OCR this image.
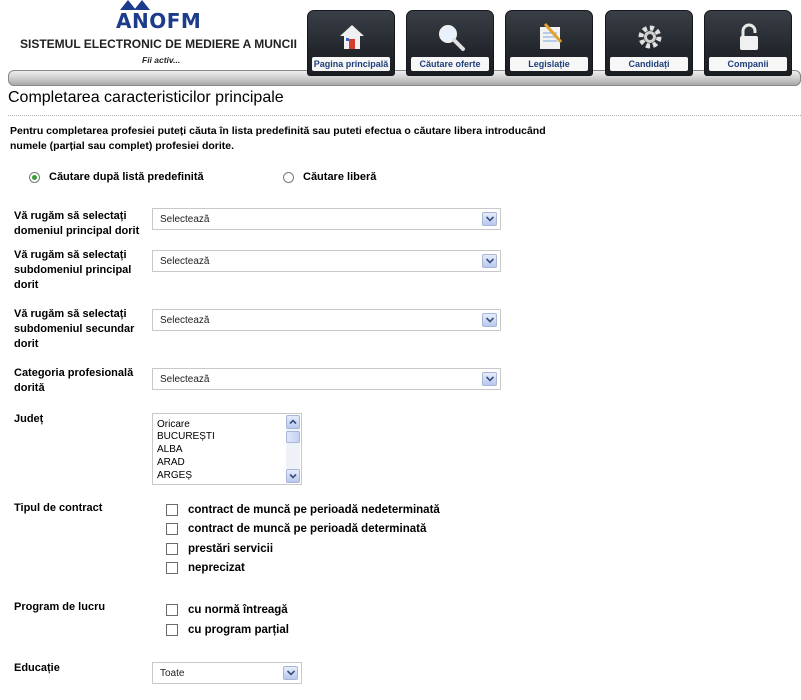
ANOFM
SISTEMUL ELECTRONIC DE MEDIERE A MUNCII
Fii activ...	Pagina principală	Căutare oferte	Legislație	Candidați	Companii
Completarea caracteristicilor principale
Pentru completarea profesiei puteți căuta în lista predefinită sau puteti efectua o căutare libera introducând numele (parțial sau complet) profesiei dorite.
Căutare după listă predefinită	Căutare liberă
Vă rugăm să selectați domeniul principal dorit
Selectează
Vă rugăm să selectați subdomeniul principal dorit
Selectează
Vă rugăm să selectați subdomeniul secundar dorit
Selectează
Categoria profesională dorită
Selectează
Județ	Oricare
BUCUREȘTI
ALBA
ARAD
ARGEȘ
Tipul de contract	contract de muncă pe perioadă nedeterminată
contract de muncă pe perioadă determinată
prestări servicii
neprecizat
Program de lucru	cu normă întreagă
cu program parțial
Educație	Toate
